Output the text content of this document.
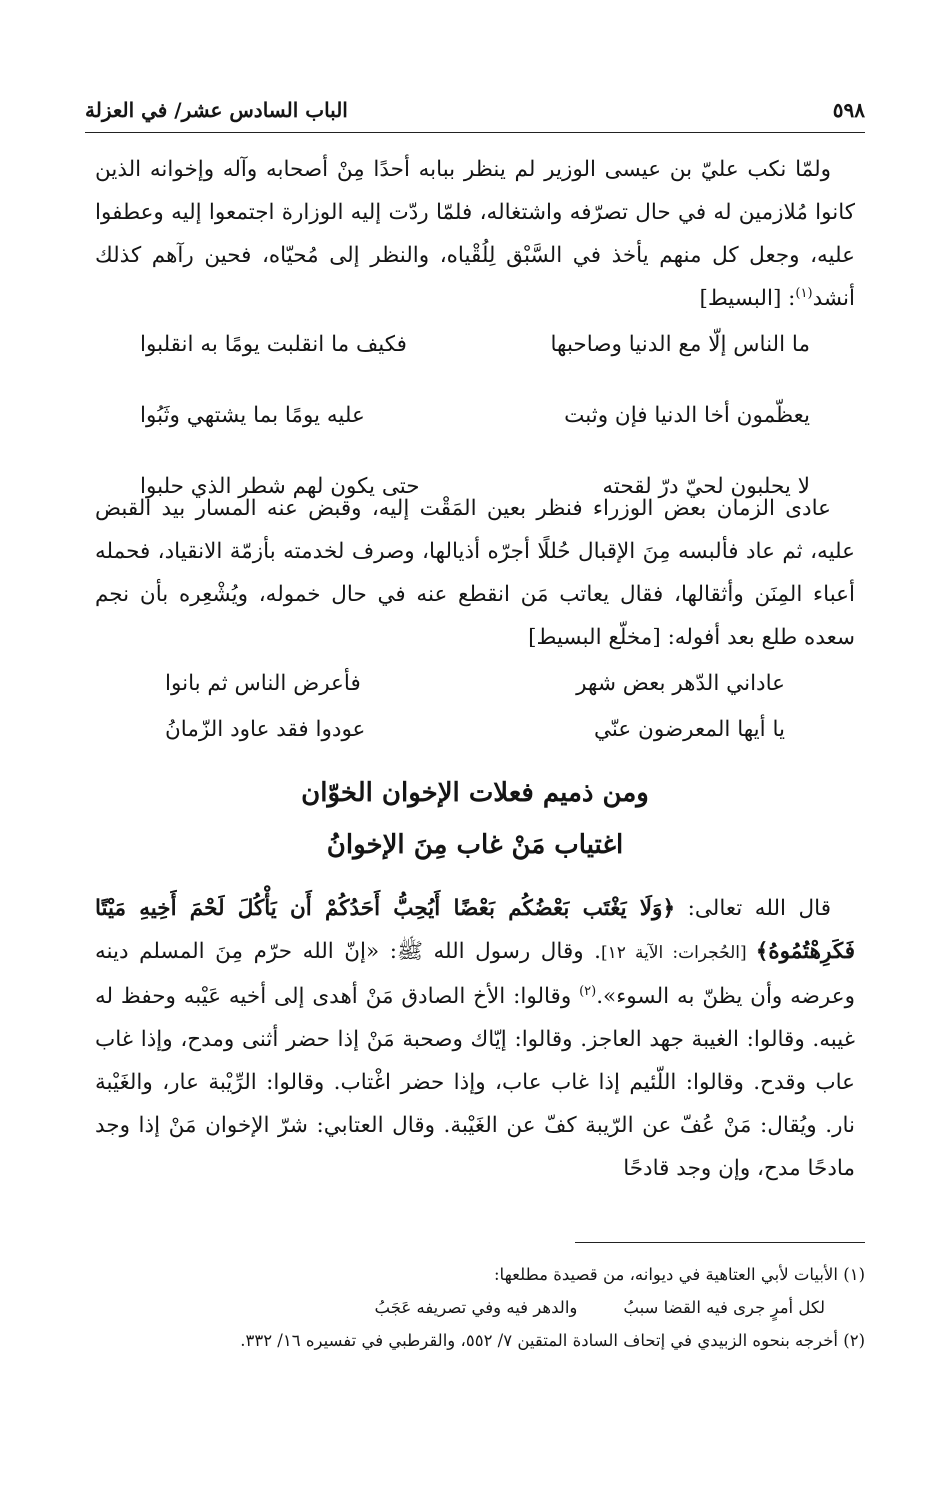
٥٩٨
الباب السادس عشر/ في العزلة
ولمّا نكب عليّ بن عيسى الوزير لم ينظر ببابه أحدًا مِنْ أصحابه وآله وإخوانه الذين كانوا مُلازمين له في حال تصرّفه واشتغاله، فلمّا ردّت إليه الوزارة اجتمعوا إليه وعطفوا عليه، وجعل كل منهم يأخذ في السَّبْق لِلُقْياه، والنظر إلى مُحيّاه، فحين رآهم كذلك أنشد$^{(١)}$: [البسيط]
ما الناس إلّا مع الدنيا وصاحبها
فكيف ما انقلبت يومًا به انقلبوا
يعظّمون أخا الدنيا فإن وثبت
عليه يومًا بما يشتهي وثَبُوا
لا يحلبون لحيّ درّ لقحته
حتى يكون لهم شطر الذي حلبوا
عادى الزمان بعض الوزراء فنظر بعين المَقْت إليه، وقبض عنه المسار بيد القبض عليه، ثم عاد فألبسه مِنَ الإقبال حُللًا أجرّه أذيالها، وصرف لخدمته بأزمّة الانقياد، فحمله أعباء المِنَن وأثقالها، فقال يعاتب مَن انقطع عنه في حال خموله، ويُشْعِره بأن نجم سعده طلع بعد أفوله: [مخلّع البسيط]
عاداني الدّهر بعض شهر
فأعرض الناس ثم بانوا
يا أيها المعرضون عنّي
عودوا فقد عاود الزّمانُ
ومن ذميم فعلات الإخوان الخوّان
اغتياب مَنْ غاب مِنَ الإخوانُ
قال الله تعالى: ﴿وَلَا يَغْتَب بَعْضُكُم بَعْضًا أَيُحِبُّ أَحَدُكُمْ أَن يَأْكُلَ لَحْمَ أَخِيهِ مَيْتًا فَكَرِهْتُمُوهُ﴾ [الحُجرات: الآية ١٢]. وقال رسول الله ﷺ: «إنّ الله حرّم مِنَ المسلم دينه وعرضه وأن يظنّ به السوء».$^{(٢)}$ وقالوا: الأخ الصادق مَنْ أهدى إلى أخيه عَيْبه وحفظ له غيبه. وقالوا: الغيبة جهد العاجز. وقالوا: إيّاك وصحبة مَنْ إذا حضر أثنى ومدح، وإذا غاب عاب وقدح. وقالوا: اللّئيم إذا غاب عاب، وإذا حضر اغْتاب. وقالوا: الرِّيْبة عار، والغَيْبة نار. ويُقال: مَنْ عُفّ عن الرّيبة كفّ عن الغَيْبة. وقال العتابي: شرّ الإخوان مَنْ إذا وجد مادحًا مدح، وإن وجد قادحًا
(١) الأبيات لأبي العتاهية في ديوانه، من قصيدة مطلعها:
لكل أمرٍ جرى فيه القضا سببُ
والدهر فيه وفي تصريفه عَجَبُ
(٢) أخرجه بنحوه الزبيدي في إتحاف السادة المتقين ٧/ ٥٥٢، والقرطبي في تفسيره ١٦/ ٣٣٢.
